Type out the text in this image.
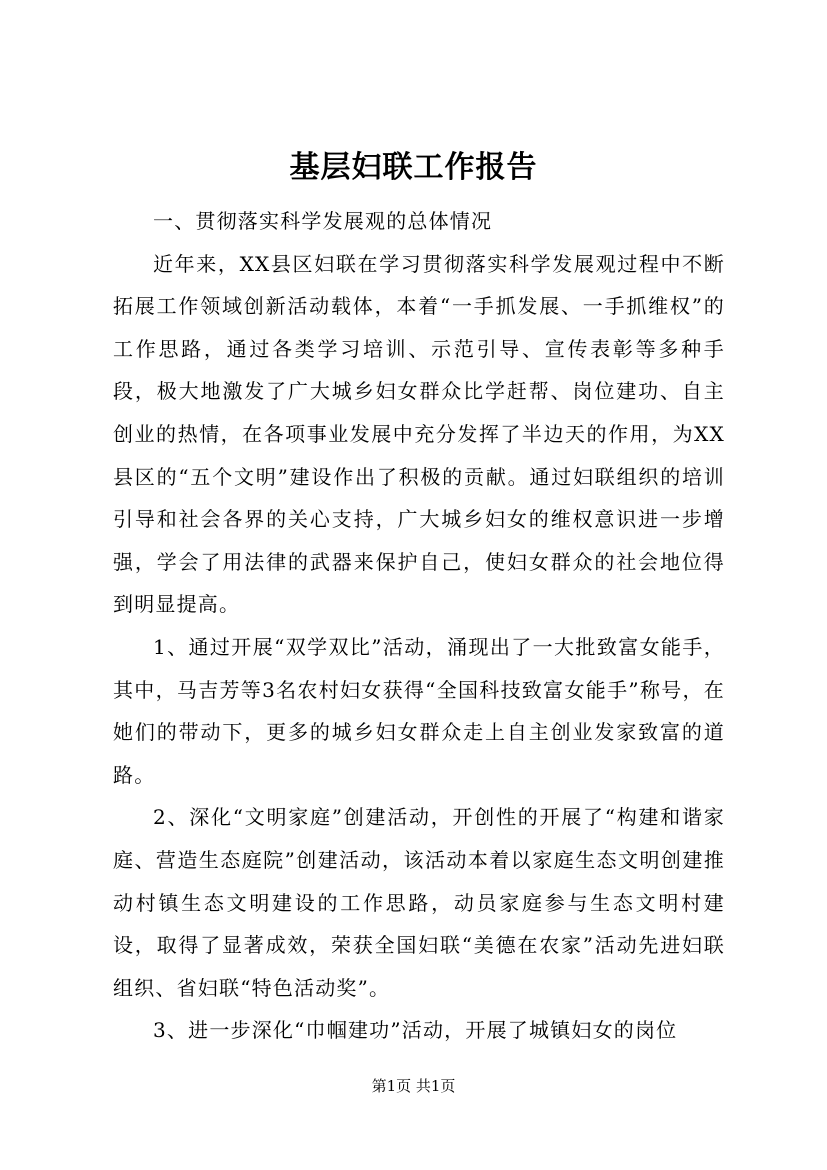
基层妇联工作报告

一、贯彻落实科学发展观的总体情况

近年来，XX县区妇联在学习贯彻落实科学发展观过程中不断拓展工作领域创新活动载体，本着“一手抓发展、一手抓维权”的工作思路，通过各类学习培训、示范引导、宣传表彰等多种手段，极大地激发了广大城乡妇女群众比学赶帮、岗位建功、自主创业的热情，在各项事业发展中充分发挥了半边天的作用，为XX县区的“五个文明”建设作出了积极的贡献。通过妇联组织的培训引导和社会各界的关心支持，广大城乡妇女的维权意识进一步增强，学会了用法律的武器来保护自己，使妇女群众的社会地位得到明显提高。

1、通过开展“双学双比”活动，涌现出了一大批致富女能手，其中，马吉芳等3名农村妇女获得“全国科技致富女能手”称号，在她们的带动下，更多的城乡妇女群众走上自主创业发家致富的道路。

2、深化“文明家庭”创建活动，开创性的开展了“构建和谐家庭、营造生态庭院”创建活动，该活动本着以家庭生态文明创建推动村镇生态文明建设的工作思路，动员家庭参与生态文明村建设，取得了显著成效，荣获全国妇联“美德在农家”活动先进妇联组织、省妇联“特色活动奖”。

3、进一步深化“巾帼建功”活动，开展了城镇妇女的岗位

第1页 共1页
